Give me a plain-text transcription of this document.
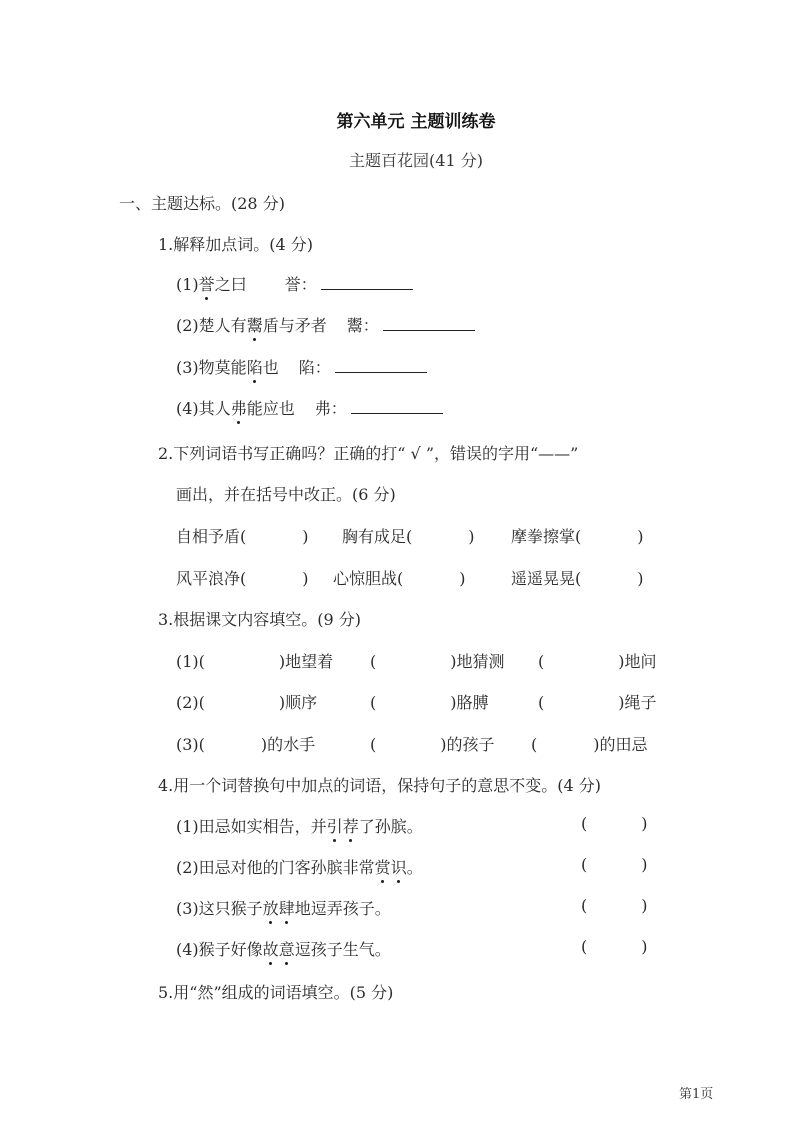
第六单元 主题训练卷
主题百花园(41 分)
一、主题达标。(28 分)
1.解释加点词。(4 分)
(1)誉之曰 誉：
(2)楚人有鬻盾与矛者 鬻：
(3)物莫能陷也 陷：
(4)其人弗能应也 弗：
2.下列词语书写正确吗？正确的打“ √ ”，错误的字用“——”
画出，并在括号中改正。(6 分)
自相予盾(	) 胸有成足(	) 摩拳擦掌(	)
风平浪净(	) 心惊胆战(	)	遥遥晃晃(	)
3.根据课文内容填空。(9 分)
(1)(	)地望着 (	)地猜测 (	)地问
(2)(	)顺序	(	)胳膊	(	)绳子
(3)(	)的水手	(	)的孩子 (	)的田忌
4.用一个词替换句中加点的词语，保持句子的意思不变。(4 分)
(1)田忌如实相告，并引荐了孙膑。	(	)
(2)田忌对他的门客孙膑非常赏识。	(	)
(3)这只猴子放肆地逗弄孩子。	(	)
(4)猴子好像故意逗孩子生气。	(	)
5.用“然”组成的词语填空。(5 分)
第1页
